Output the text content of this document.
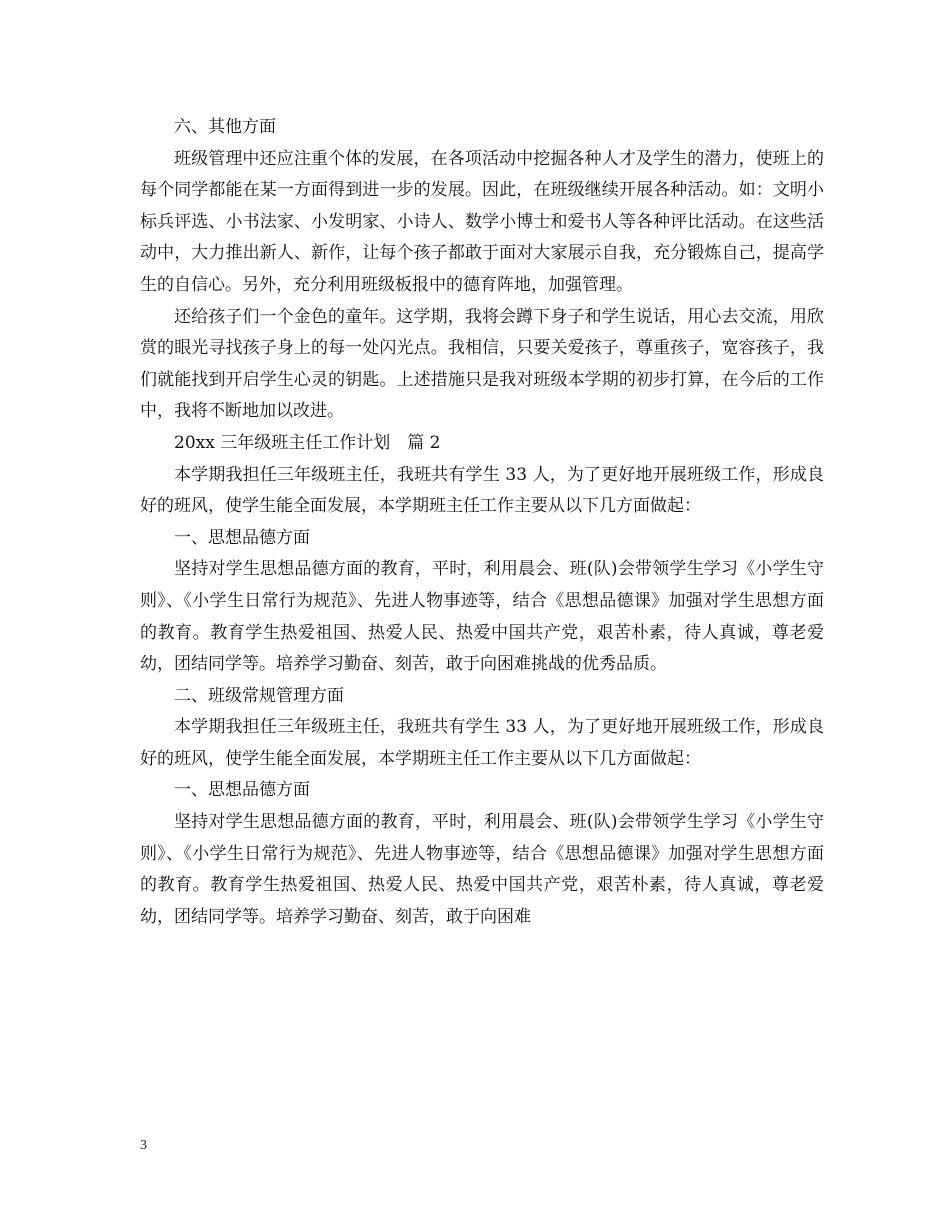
六、其他方面

班级管理中还应注重个体的发展，在各项活动中挖掘各种人才及学生的潜力，使班上的每个同学都能在某一方面得到进一步的发展。因此，在班级继续开展各种活动。如：文明小标兵评选、小书法家、小发明家、小诗人、数学小博士和爱书人等各种评比活动。在这些活动中，大力推出新人、新作，让每个孩子都敢于面对大家展示自我，充分锻炼自己，提高学生的自信心。另外，充分利用班级板报中的德育阵地，加强管理。

还给孩子们一个金色的童年。这学期，我将会蹲下身子和学生说话，用心去交流，用欣赏的眼光寻找孩子身上的每一处闪光点。我相信，只要关爱孩子，尊重孩子，宽容孩子，我们就能找到开启学生心灵的钥匙。上述措施只是我对班级本学期的初步打算，在今后的工作中，我将不断地加以改进。

20xx 三年级班主任工作计划　篇 2

本学期我担任三年级班主任，我班共有学生 33 人，为了更好地开展班级工作，形成良好的班风，使学生能全面发展，本学期班主任工作主要从以下几方面做起：

一、思想品德方面

坚持对学生思想品德方面的教育，平时，利用晨会、班(队)会带领学生学习《小学生守则》、《小学生日常行为规范》、先进人物事迹等，结合《思想品德课》加强对学生思想方面的教育。教育学生热爱祖国、热爱人民、热爱中国共产党，艰苦朴素，待人真诚，尊老爱幼，团结同学等。培养学习勤奋、刻苦，敢于向困难挑战的优秀品质。

二、班级常规管理方面

本学期我担任三年级班主任，我班共有学生 33 人，为了更好地开展班级工作，形成良好的班风，使学生能全面发展，本学期班主任工作主要从以下几方面做起：

一、思想品德方面

坚持对学生思想品德方面的教育，平时，利用晨会、班(队)会带领学生学习《小学生守则》、《小学生日常行为规范》、先进人物事迹等，结合《思想品德课》加强对学生思想方面的教育。教育学生热爱祖国、热爱人民、热爱中国共产党，艰苦朴素，待人真诚，尊老爱幼，团结同学等。培养学习勤奋、刻苦，敢于向困难

3
